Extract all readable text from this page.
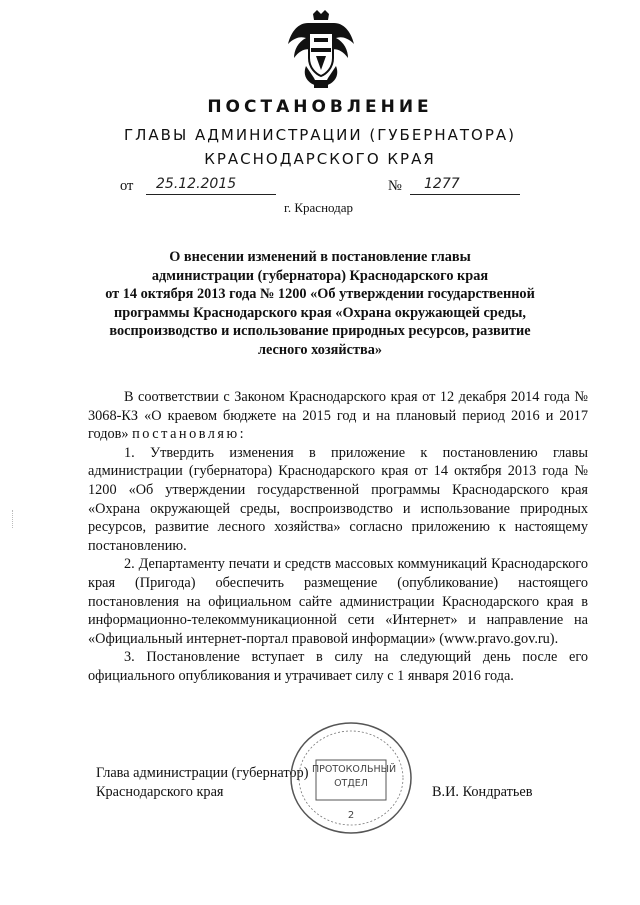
ПОСТАНОВЛЕНИЕ
ГЛАВЫ АДМИНИСТРАЦИИ (ГУБЕРНАТОРА)
КРАСНОДАРСКОГО КРАЯ
от 25.12.2015	№ 1277
г. Краснодар
О внесении изменений в постановление главы
администрации (губернатора) Краснодарского края
от 14 октября 2013 года № 1200 «Об утверждении государственной
программы Краснодарского края «Охрана окружающей среды,
воспроизводство и использование природных ресурсов, развитие
лесного хозяйства»

В соответствии с Законом Краснодарского края от 12 декабря 2014 года № 3068-КЗ «О краевом бюджете на 2015 год и на плановый период 2016 и 2017 годов» постановляю:

1. Утвердить изменения в приложение к постановлению главы администрации (губернатора) Краснодарского края от 14 октября 2013 года № 1200 «Об утверждении государственной программы Краснодарского края «Охрана окружающей среды, воспроизводство и использование природных ресурсов, развитие лесного хозяйства» согласно приложению к настоящему постановлению.

2. Департаменту печати и средств массовых коммуникаций Краснодарского края (Пригода) обеспечить размещение (опубликование) настоящего постановления на официальном сайте администрации Краснодарского края в информационно-телекоммуникационной сети «Интернет» и направление на «Официальный интернет-портал правовой информации» (www.pravo.gov.ru).

3. Постановление вступает в силу на следующий день после его официального опубликования и утрачивает силу с 1 января 2016 года.

Глава администрации (губернатор)
Краснодарского края	В.И. Кондратьев
ПРОТОКОЛЬНЫЙ
ОТДЕЛ
2
